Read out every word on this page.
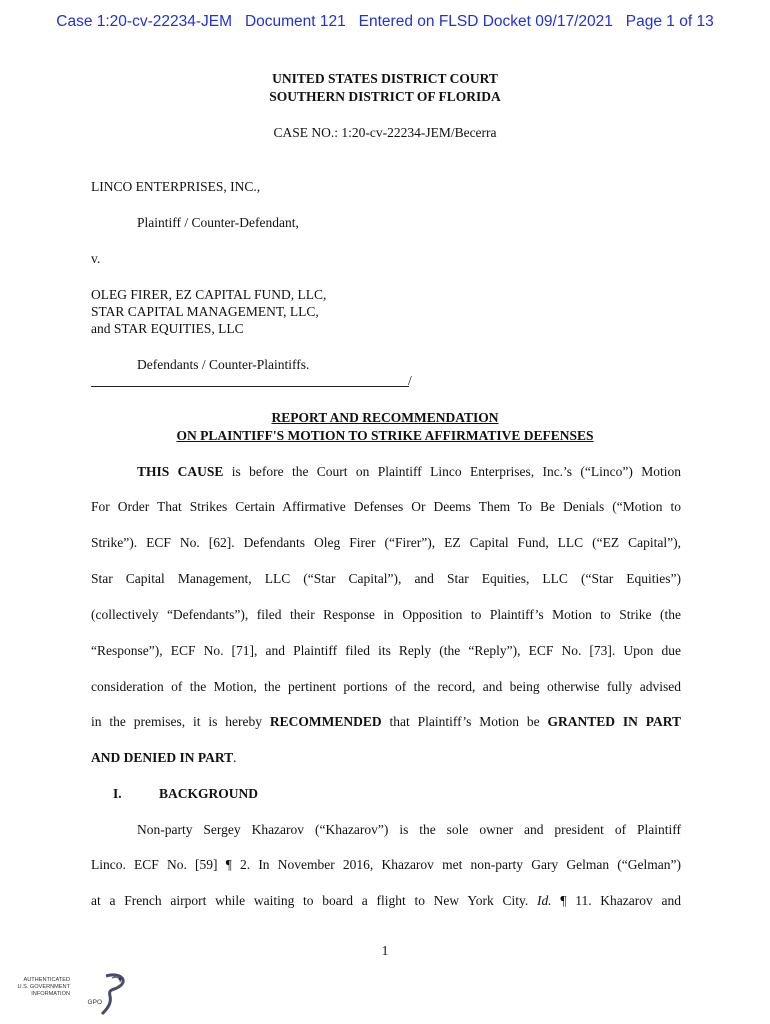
Case 1:20-cv-22234-JEM Document 121 Entered on FLSD Docket 09/17/2021 Page 1 of 13
UNITED STATES DISTRICT COURT
SOUTHERN DISTRICT OF FLORIDA
CASE NO.: 1:20-cv-22234-JEM/Becerra
LINCO ENTERPRISES, INC.,
Plaintiff / Counter-Defendant,
v.
OLEG FIRER, EZ CAPITAL FUND, LLC,
STAR CAPITAL MANAGEMENT, LLC,
and STAR EQUITIES, LLC
Defendants / Counter-Plaintiffs.
/
REPORT AND RECOMMENDATION
ON PLAINTIFF'S MOTION TO STRIKE AFFIRMATIVE DEFENSES
THIS CAUSE is before the Court on Plaintiff Linco Enterprises, Inc.’s (“Linco”) Motion
For Order That Strikes Certain Affirmative Defenses Or Deems Them To Be Denials (“Motion to
Strike”). ECF No. [62]. Defendants Oleg Firer (“Firer”), EZ Capital Fund, LLC (“EZ Capital”),
Star Capital Management, LLC (“Star Capital”), and Star Equities, LLC (“Star Equities”)
(collectively “Defendants”), filed their Response in Opposition to Plaintiff’s Motion to Strike (the
“Response”), ECF No. [71], and Plaintiff filed its Reply (the “Reply”), ECF No. [73]. Upon due
consideration of the Motion, the pertinent portions of the record, and being otherwise fully advised
in the premises, it is hereby RECOMMENDED that Plaintiff’s Motion be GRANTED IN PART
AND DENIED IN PART.
I.	BACKGROUND
Non-party Sergey Khazarov (“Khazarov”) is the sole owner and president of Plaintiff
Linco. ECF No. [59] ¶ 2. In November 2016, Khazarov met non-party Gary Gelman (“Gelman”)
at a French airport while waiting to board a flight to New York City. Id. ¶ 11. Khazarov and
1
AUTHENTICATED
U.S. GOVERNMENT
INFORMATION
GPO
